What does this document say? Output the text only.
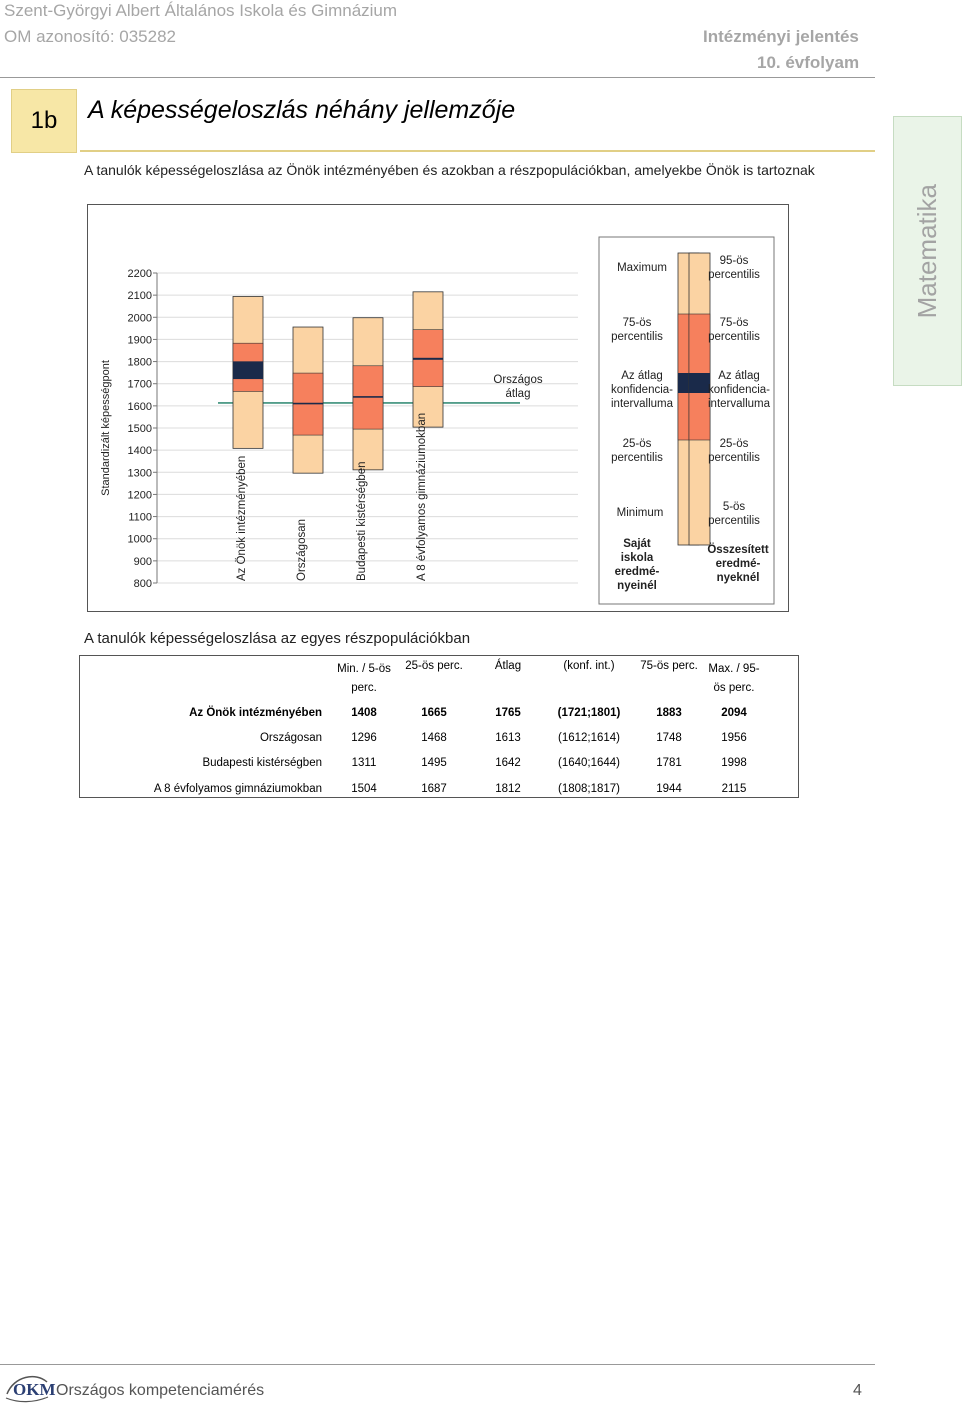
Szent-Györgyi Albert Általános Iskola és Gimnázium
OM azonosító: 035282	Intézményi jelentés
10. évfolyam
1b A képességeloszlás néhány jellemzője
Matematika
A tanulók képességeloszlása az Önök intézményében és azokban a részpopulációkban, amelyekbe Önök is tartoznak
800
900
1000
1100
1200
1300
1400
1500
1600
1700
1800
1900
2000
2100
2200
Standardizált képességpont	Országos
átlag
Az Önök intézményében	Országosan	Budapesti kistérségben	A 8 évfolyamos gimnáziumokban
Maximum
75-ös
percentilis
Az átlag
konfidencia-
intervalluma
25-ös
percentilis
Minimum
Saját
iskola
eredmé-
nyeinél
95-ös
percentilis
75-ös
percentilis
Az átlag
konfidencia-
intervalluma
25-ös
percentilis
5-ös
percentilis
Összesített
eredmé-
nyeknél
A tanulók képességeloszlása az egyes részpopulációkban
	Min. / 5-ös perc.	25-ös perc.	Átlag	(konf. int.)	75-ös perc.	Max. / 95-ös perc.
Az Önök intézményében	1408	1665	1765	(1721;1801)	1883	2094
Országosan	1296	1468	1613	(1612;1614)	1748	1956
Budapesti kistérségben	1311	1495	1642	(1640;1644)	1781	1998
A 8 évfolyamos gimnáziumokban	1504	1687	1812	(1808;1817)	1944	2115
OKM Országos kompetenciamérés	4
